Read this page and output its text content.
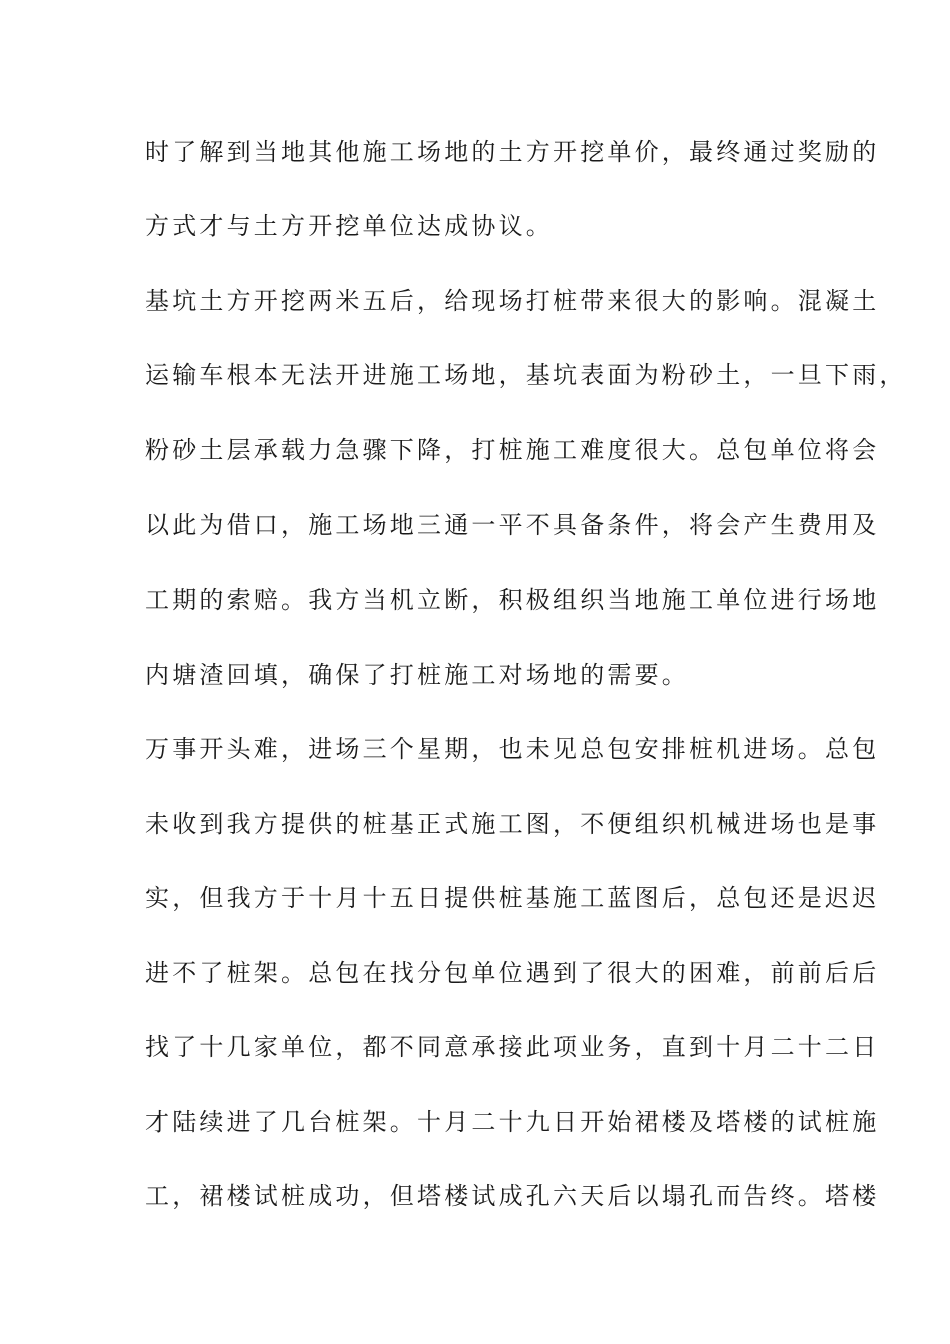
时了解到当地其他施工场地的土方开挖单价，最终通过奖励的
方式才与土方开挖单位达成协议。
基坑土方开挖两米五后，给现场打桩带来很大的影响。混凝土
运输车根本无法开进施工场地，基坑表面为粉砂土，一旦下雨，
粉砂土层承载力急骤下降，打桩施工难度很大。总包单位将会
以此为借口，施工场地三通一平不具备条件，将会产生费用及
工期的索赔。我方当机立断，积极组织当地施工单位进行场地
内塘渣回填，确保了打桩施工对场地的需要。
万事开头难，进场三个星期，也未见总包安排桩机进场。总包
未收到我方提供的桩基正式施工图，不便组织机械进场也是事
实，但我方于十月十五日提供桩基施工蓝图后，总包还是迟迟
进不了桩架。总包在找分包单位遇到了很大的困难，前前后后
找了十几家单位，都不同意承接此项业务，直到十月二十二日
才陆续进了几台桩架。十月二十九日开始裙楼及塔楼的试桩施
工，裙楼试桩成功，但塔楼试成孔六天后以塌孔而告终。塔楼
